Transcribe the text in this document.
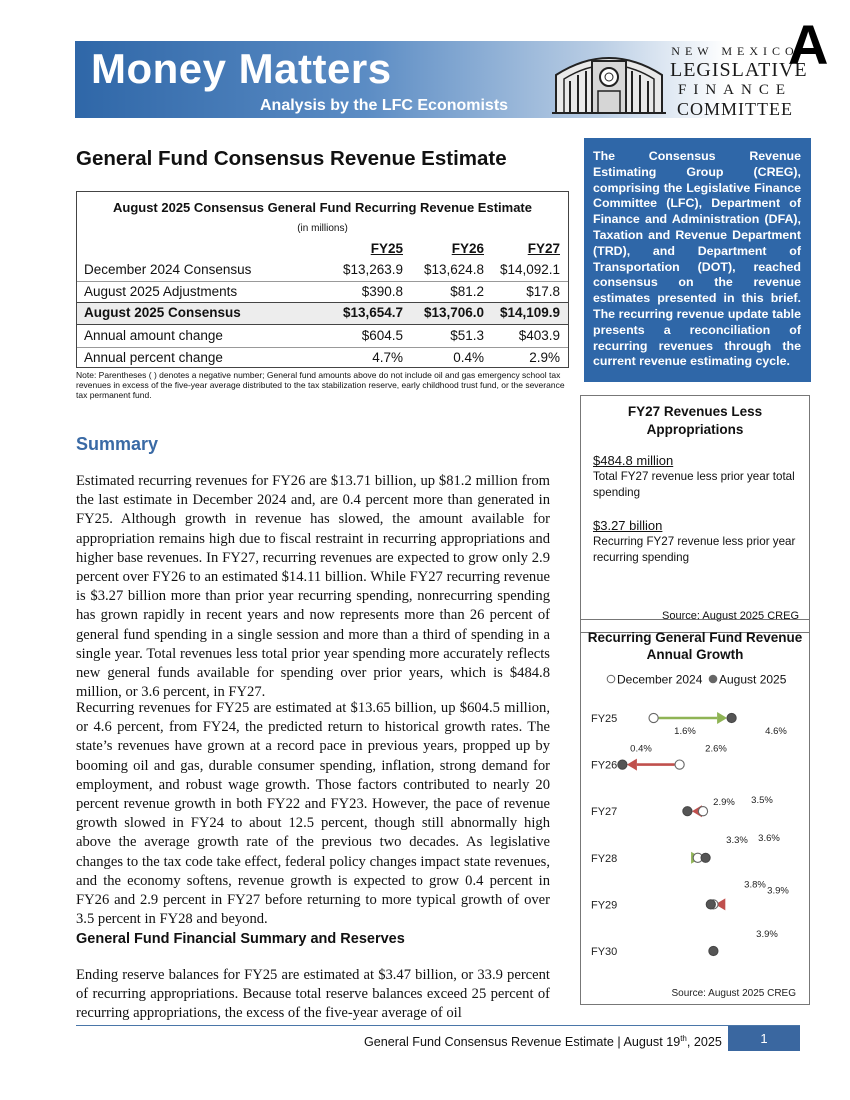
Money Matters
Analysis by the LFC Economists
NEW MEXICO
LEGISLATIVE
FINANCE
COMMITTEE
A
General Fund Consensus Revenue Estimate
August 2025 Consensus General Fund Recurring Revenue Estimate
(in millions)
FY25	FY26	FY27
December 2024 Consensus	$13,263.9 $13,624.8 $14,092.1
August 2025 Adjustments	$390.8	$81.2	$17.8
August 2025 Consensus	$13,654.7 $13,706.0 $14,109.9
Annual amount change	$604.5	$51.3	$403.9
Annual percent change	4.7%	0.4%	2.9%
Note: Parentheses ( ) denotes a negative number; General fund amounts above do not include oil and gas emergency school tax revenues in excess of the five-year average distributed to the tax stabilization reserve, early childhood trust fund, or the severance tax permanent fund.
Summary
Estimated recurring revenues for FY26 are $13.71 billion, up $81.2 million from the last estimate in December 2024 and, are 0.4 percent more than generated in FY25. Although growth in revenue has slowed, the amount available for appropriation remains high due to fiscal restraint in recurring appropriations and higher base revenues. In FY27, recurring revenues are expected to grow only 2.9 percent over FY26 to an estimated $14.11 billion. While FY27 recurring revenue is $3.27 billion more than prior year recurring spending, nonrecurring spending has grown rapidly in recent years and now represents more than 26 percent of general fund spending in a single session and more than a third of spending in a single year. Total revenues less total prior year spending more accurately reflects new general funds available for spending over prior years, which is $484.8 million, or 3.6 percent, in FY27.
Recurring revenues for FY25 are estimated at $13.65 billion, up $604.5 million, or 4.6 percent, from FY24, the predicted return to historical growth rates. The state’s revenues have grown at a record pace in previous years, propped up by booming oil and gas, durable consumer spending, inflation, strong demand for employment, and robust wage growth. Those factors contributed to nearly 20 percent revenue growth in both FY22 and FY23. However, the pace of revenue growth slowed in FY24 to about 12.5 percent, though still abnormally high above the average growth rate of the previous two decades. As legislative changes to the tax code take effect, federal policy changes impact state revenues, and the economy softens, revenue growth is expected to grow 0.4 percent in FY26 and 2.9 percent in FY27 before returning to more typical growth of over 3.5 percent in FY28 and beyond.
General Fund Financial Summary and Reserves
Ending reserve balances for FY25 are estimated at $3.47 billion, or 33.9 percent of recurring appropriations. Because total reserve balances exceed 25 percent of recurring appropriations, the excess of the five-year average of oil
The Consensus Revenue Estimating Group (CREG), comprising the Legislative Finance Committee (LFC), Department of Finance and Administration (DFA), Taxation and Revenue Department (TRD), and Department of Transportation (DOT), reached consensus on the revenue estimates presented in this brief. The recurring revenue update table presents a reconciliation of recurring revenues through the current revenue estimating cycle.
FY27 Revenues Less Appropriations
$484.8 million
Total FY27 revenue less prior year total spending
$3.27 billion
Recurring FY27 revenue less prior year recurring spending
Source: August 2025 CREG
Recurring General Fund Revenue Annual Growth
December 2024 August 2025
FY25
FY26
FY27
FY28
FY29
FY30
1.6%	4.6%
0.4%	2.6%
2.9% 3.5%
3.3% 3.6%
3.8%
3.9%
3.9%
Source: August 2025 CREG
General Fund Consensus Revenue Estimate | August 19th, 2025	1
